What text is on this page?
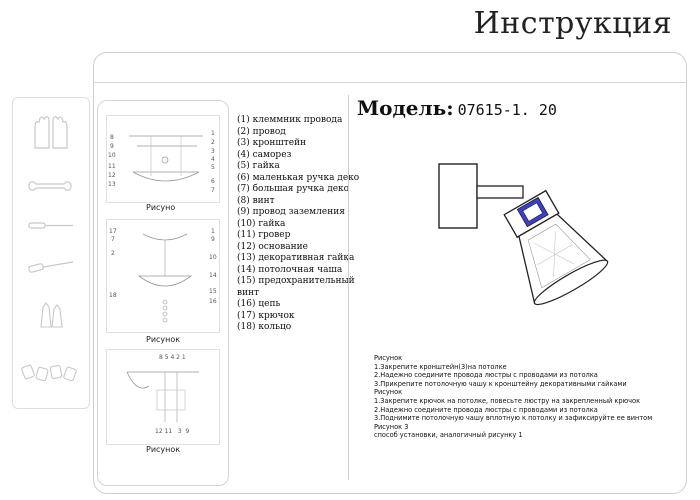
Инструкция
8
9
10
11
12
13
1
2
3
4
5
6
7
Рисуно
17
7
2
18
1
9
10
14
15
16
Рисунок
8 5 4 2 1
12 11   3  9
Рисунок
(1) клеммник провода
(2) провод
(3) кронштейн
(4) саморез
(5) гайка
(6) маленькая ручка деко
(7) большая ручка деко
(8) винт
(9) провод заземления
(10) гайка
(11) гровер
(12) основание
(13) декоративная гайка
(14) потолочная чаша
(15) предохранительный
винт
(16) цепь
(17) крючок
(18) кольцо
Модель: 07615-1. 20
Рисунок
1.Закрепите кронштейн(3)на потолке
2.Надежно соедините провода люстры с проводами из потолка
3.Прикрепите потолочную чашу к кронштейну декоративными гайками
Рисунок
1.Закрепите крючок на потолке, повесьте люстру на закрепленный крючок
2.Надежно соедините провода люстры с проводами из потолка
3.Поднимите потолочную чашу вплотную к потолку и зафиксируйте ее винтом
Рисунок 3
способ установки, аналогичный рисунку 1
